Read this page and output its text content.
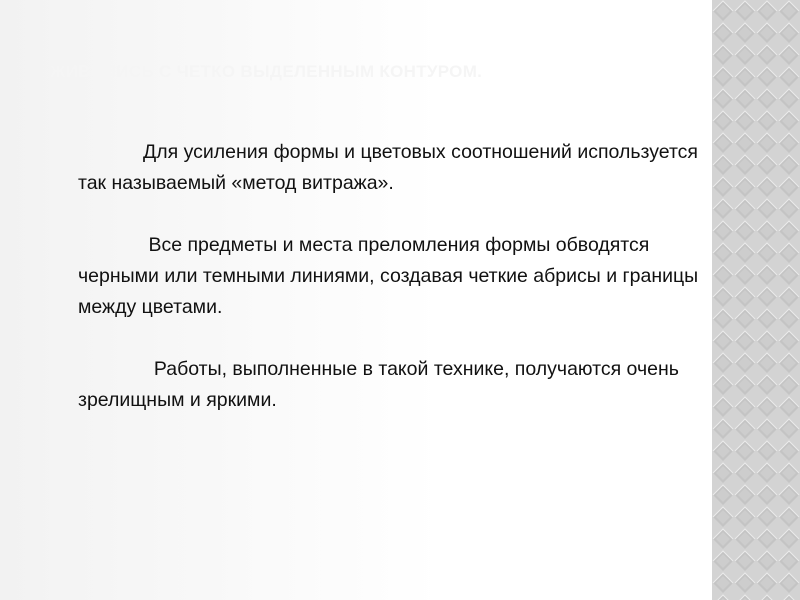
ЖИВОПИСЬ С ЧЕТКО ВЫДЕЛЕННЫМ КОНТУРОМ.

Для усиления формы и цветовых соотношений используется так называемый «метод витража».

Все предметы и места преломления формы обводятся черными или темными линиями, создавая четкие абрисы и границы между цветами.

Работы, выполненные в такой технике, получаются очень зрелищным и яркими.
